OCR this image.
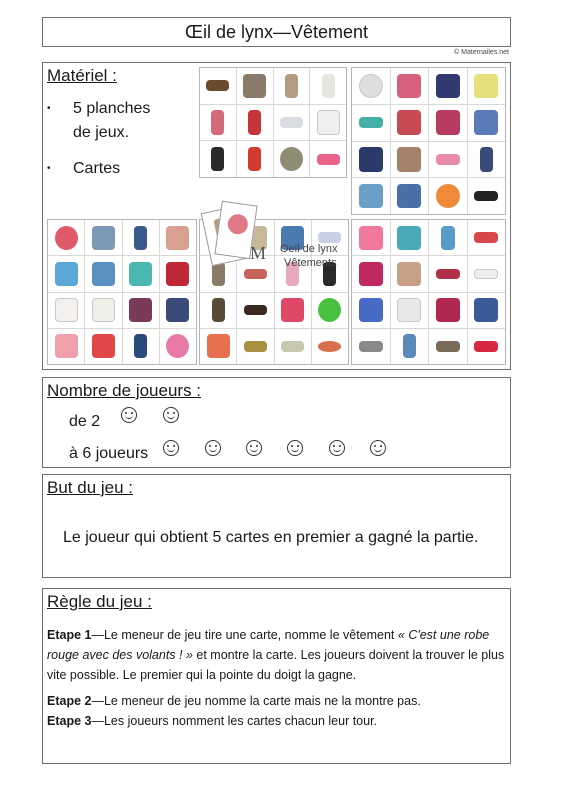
Œil de lynx—Vêtement
© Maternailes.net
Matériel :
• 5 planches
de jeux.
• Cartes
M Oeil de lynx
Vêtements
Nombre de joueurs :
de 2
à 6 joueurs
But du jeu :
Le joueur qui obtient 5 cartes en premier a gagné la partie.
Règle du jeu :
Etape 1—Le meneur de jeu tire une carte, nomme le vêtement « C'est une robe rouge avec des volants ! » et montre la carte. Les joueurs doivent la trouver le plus vite possible. Le premier qui la pointe du doigt la gagne.
Etape 2—Le meneur de jeu nomme la carte mais ne la montre pas.
Etape 3—Les joueurs nomment les cartes chacun leur tour.
